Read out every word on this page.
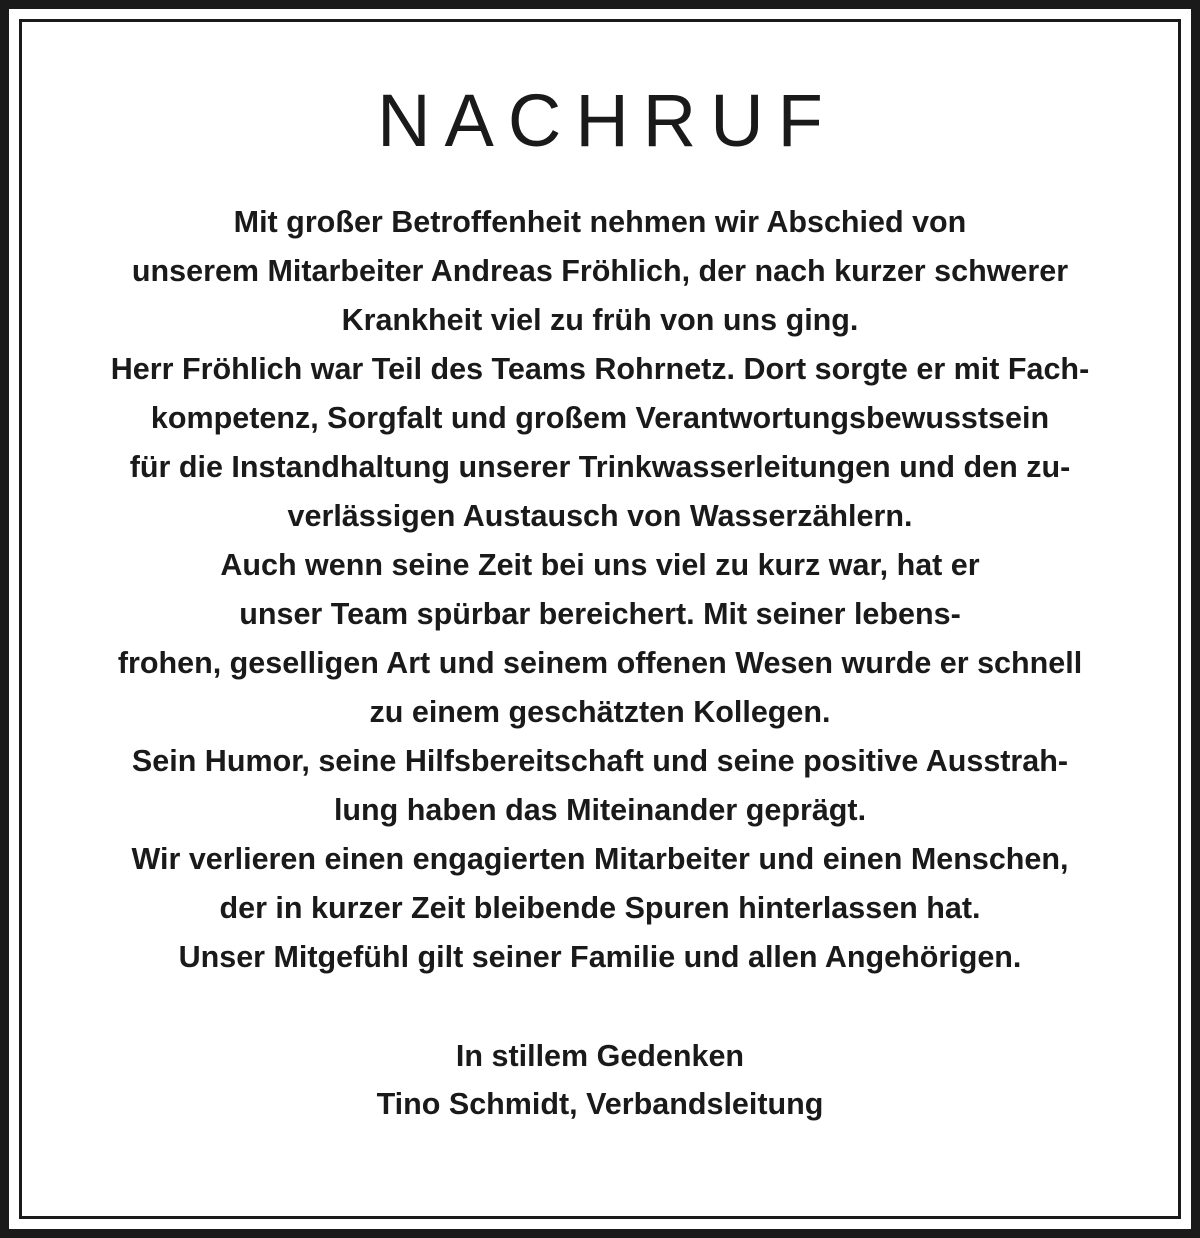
NACHRUF
Mit großer Betroffenheit nehmen wir Abschied von
unserem Mitarbeiter Andreas Fröhlich, der nach kurzer schwerer
Krankheit viel zu früh von uns ging.
Herr Fröhlich war Teil des Teams Rohrnetz. Dort sorgte er mit Fach-
kompetenz, Sorgfalt und großem Verantwortungsbewusstsein
für die Instandhaltung unserer Trinkwasserleitungen und den zu-
verlässigen Austausch von Wasserzählern.
Auch wenn seine Zeit bei uns viel zu kurz war, hat er
unser Team spürbar bereichert. Mit seiner lebens-
frohen, geselligen Art und seinem offenen Wesen wurde er schnell
zu einem geschätzten Kollegen.
Sein Humor, seine Hilfsbereitschaft und seine positive Ausstrah-
lung haben das Miteinander geprägt.
Wir verlieren einen engagierten Mitarbeiter und einen Menschen,
der in kurzer Zeit bleibende Spuren hinterlassen hat.
Unser Mitgefühl gilt seiner Familie und allen Angehörigen.
In stillem Gedenken
Tino Schmidt, Verbandsleitung
